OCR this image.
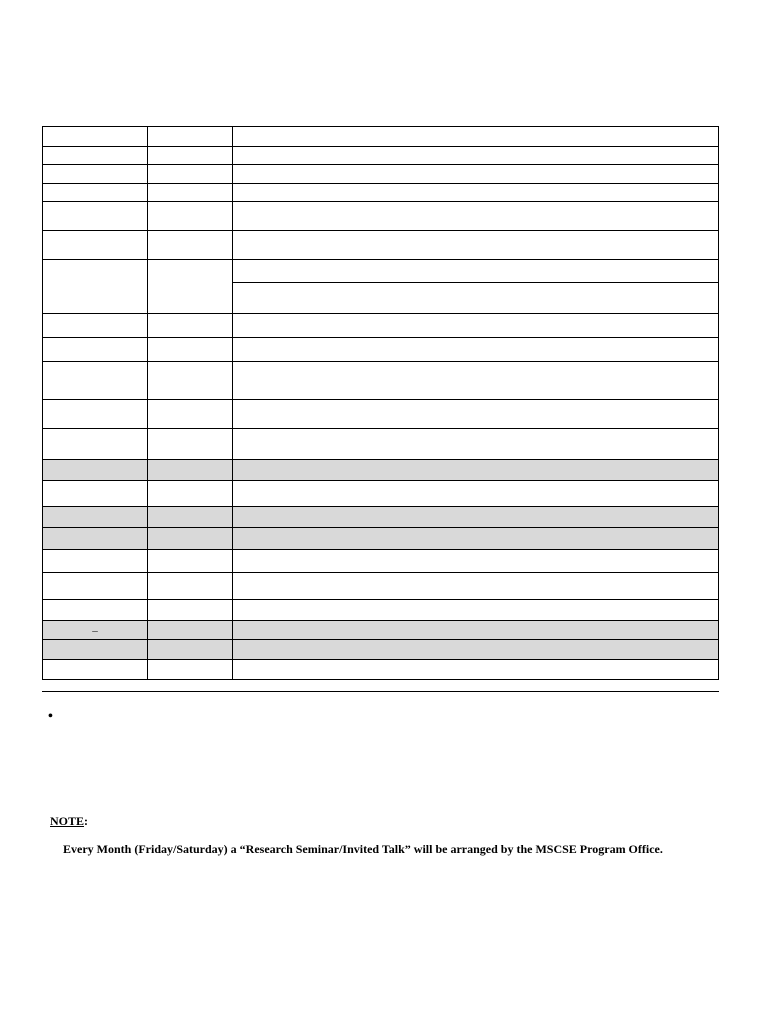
_		

•
NOTE:
Every Month (Friday/Saturday) a “Research Seminar/Invited Talk” will be arranged by the MSCSE Program Office.
